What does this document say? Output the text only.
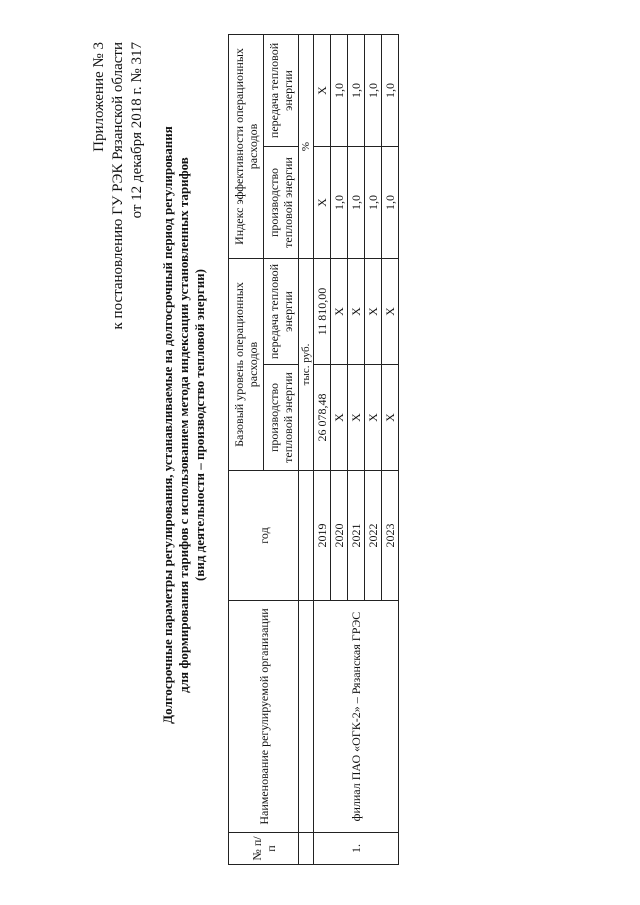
Приложение № 3 к постановлению ГУ РЭК Рязанской области от 12 декабря 2018 г. № 317 Долгосрочные параметры регулирования, устанавливаемые на долгосрочный период регулирования для формирования тарифов с использованием метода индексации установленных тарифов (вид деятельности – производство тепловой энергии)
№ п/п	Наименование регулируемой организации	год	Базовый уровень операционных расходов		Индекс эффективности операционных расходов	
			производство тепловой энергии	передача тепловой энергии	производство тепловой энергии	передача тепловой энергии
			тыс. руб.		%	
1.	филиал ПАО «ОГК-2» – Рязанская ГРЭС	2019	26 078,48	11 810,00	X	X
		2020	X	X	1,0	1,0
		2021	X	X	1,0	1,0
		2022	X	X	1,0	1,0
		2023	X	X	1,0	1,0
